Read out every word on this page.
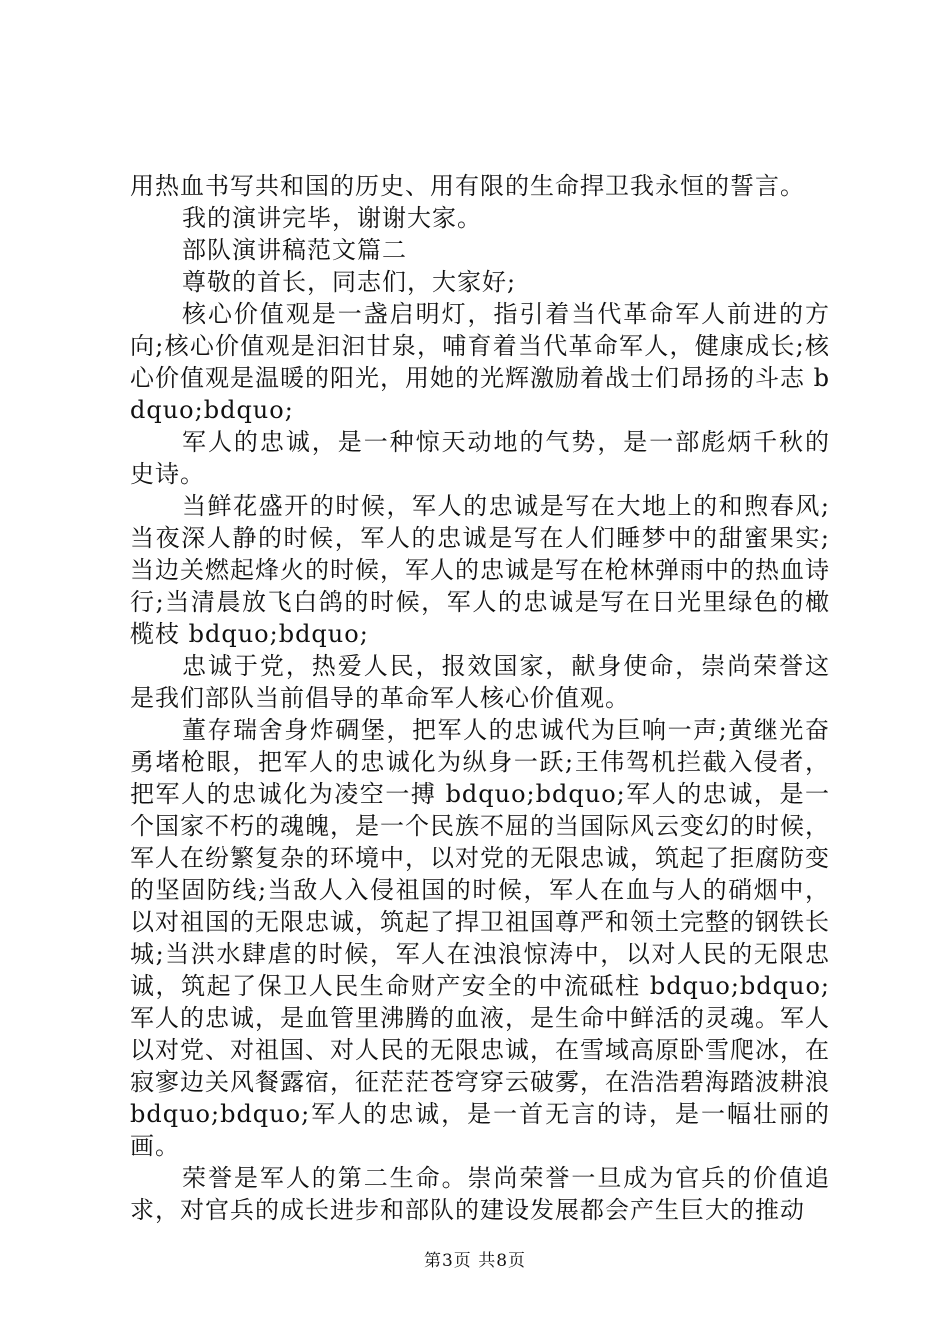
用热血书写共和国的历史、用有限的生命捍卫我永恒的誓言。

我的演讲完毕，谢谢大家。

部队演讲稿范文篇二

尊敬的首长，同志们，大家好;

核心价值观是一盏启明灯，指引着当代革命军人前进的方向;核心价值观是汩汩甘泉，哺育着当代革命军人，健康成长;核心价值观是温暖的阳光，用她的光辉激励着战士们昂扬的斗志 bdquo;bdquo;

军人的忠诚，是一种惊天动地的气势，是一部彪炳千秋的史诗。

当鲜花盛开的时候，军人的忠诚是写在大地上的和煦春风;当夜深人静的时候，军人的忠诚是写在人们睡梦中的甜蜜果实;当边关燃起烽火的时候，军人的忠诚是写在枪林弹雨中的热血诗行;当清晨放飞白鸽的时候，军人的忠诚是写在日光里绿色的橄榄枝 bdquo;bdquo;

忠诚于党，热爱人民，报效国家，献身使命，崇尚荣誉这是我们部队当前倡导的革命军人核心价值观。

董存瑞舍身炸碉堡，把军人的忠诚代为巨响一声;黄继光奋勇堵枪眼，把军人的忠诚化为纵身一跃;王伟驾机拦截入侵者，把军人的忠诚化为凌空一搏 bdquo;bdquo;军人的忠诚，是一个国家不朽的魂魄，是一个民族不屈的当国际风云变幻的时候，军人在纷繁复杂的环境中，以对党的无限忠诚，筑起了拒腐防变的坚固防线;当敌人入侵祖国的时候，军人在血与人的硝烟中，以对祖国的无限忠诚，筑起了捍卫祖国尊严和领土完整的钢铁长城;当洪水肆虐的时候，军人在浊浪惊涛中，以对人民的无限忠诚，筑起了保卫人民生命财产安全的中流砥柱 bdquo;bdquo;军人的忠诚，是血管里沸腾的血液，是生命中鲜活的灵魂。军人以对党、对祖国、对人民的无限忠诚，在雪域高原卧雪爬冰，在寂寥边关风餐露宿，征茫茫苍穹穿云破雾，在浩浩碧海踏波耕浪 bdquo;bdquo;军人的忠诚，是一首无言的诗，是一幅壮丽的画。

荣誉是军人的第二生命。崇尚荣誉一旦成为官兵的价值追求，对官兵的成长进步和部队的建设发展都会产生巨大的推动

第3页 共8页
